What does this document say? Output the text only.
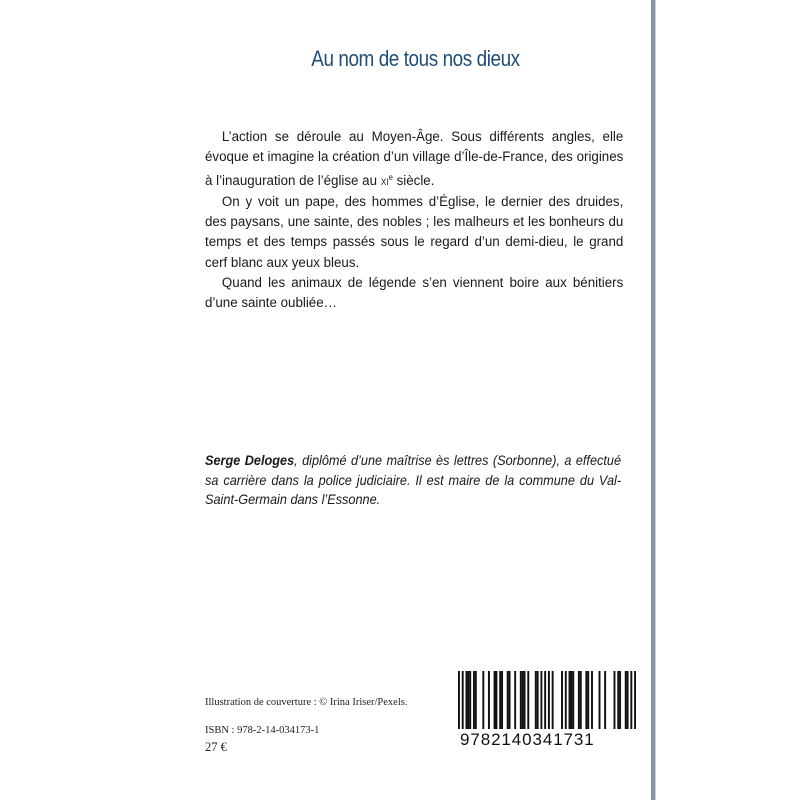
Au nom de tous nos dieux

L’action se déroule au Moyen-Âge. Sous différents angles, elle évoque et imagine la création d’un village d’Île-de-France, des origines à l’inauguration de l’église au XIe siècle.

On y voit un pape, des hommes d’Église, le dernier des druides, des paysans, une sainte, des nobles ; les malheurs et les bonheurs du temps et des temps passés sous le regard d’un demi-dieu, le grand cerf blanc aux yeux bleus.

Quand les animaux de légende s’en viennent boire aux bénitiers d’une sainte oubliée…

Serge Deloges, diplômé d’une maîtrise ès lettres (Sorbonne), a effectué sa carrière dans la police judiciaire. Il est maire de la commune du Val-Saint-Germain dans l’Essonne.

Illustration de couverture : © Irina Iriser/Pexels.
ISBN : 978-2-14-034173-1
27 €	9782140341731
